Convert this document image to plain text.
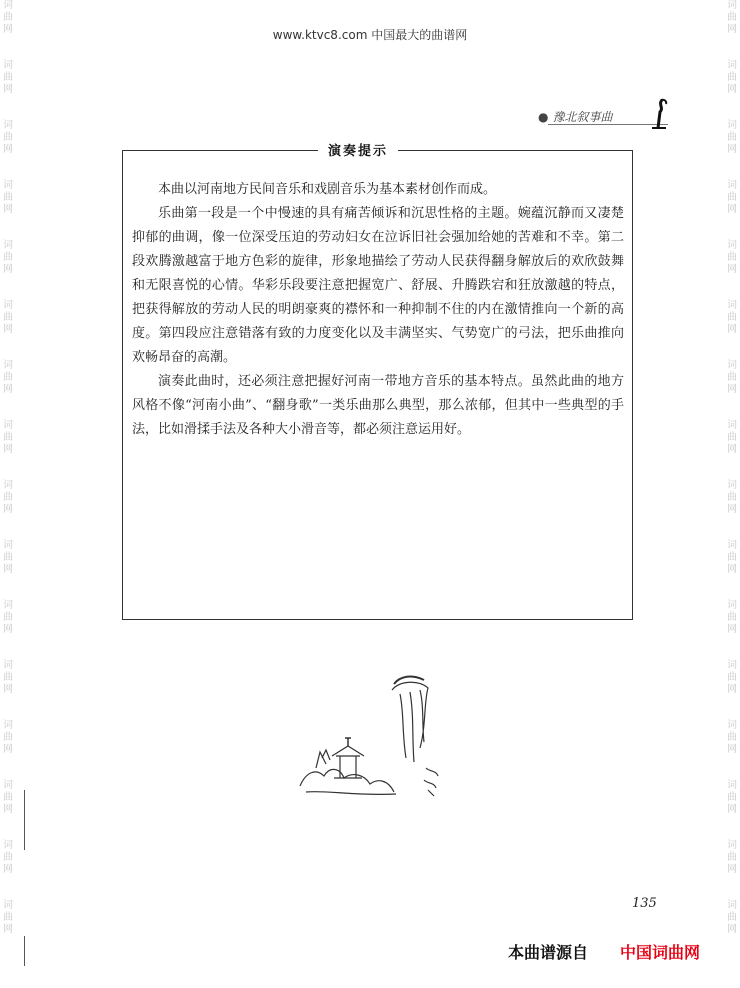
词
曲
网
词
曲
网
词
曲
网
词
曲
网
词
曲
网
词
曲
网
词
曲
网
词
曲
网
词
曲
网
词
曲
网
词
曲
网
词
曲
网
词
曲
网
词
曲
网
词
曲
网
词
曲
网
词
曲
网
词
曲
网
词
曲
网
词
曲
网
词
曲
网
词
曲
网
词
曲
网
词
曲
网
词
曲
网
词
曲
网
词
曲
网
词
曲
网
词
曲
网
词
曲
网
词
曲
网
词
曲
网
www.ktvc8.com 中国最大的曲谱网
● 豫北叙事曲
演奏提示

本曲以河南地方民间音乐和戏剧音乐为基本素材创作而成。

乐曲第一段是一个中慢速的具有痛苦倾诉和沉思性格的主题。婉蕴沉静而又凄楚抑郁的曲调，像一位深受压迫的劳动妇女在泣诉旧社会强加给她的苦难和不幸。第二段欢腾激越富于地方色彩的旋律，形象地描绘了劳动人民获得翻身解放后的欢欣鼓舞和无限喜悦的心情。华彩乐段要注意把握宽广、舒展、升腾跌宕和狂放激越的特点，把获得解放的劳动人民的明朗豪爽的襟怀和一种抑制不住的内在激情推向一个新的高度。第四段应注意错落有致的力度变化以及丰满坚实、气势宽广的弓法，把乐曲推向欢畅昂奋的高潮。

演奏此曲时，还必须注意把握好河南一带地方音乐的基本特点。虽然此曲的地方风格不像“河南小曲”、“翻身歌”一类乐曲那么典型，那么浓郁，但其中一些典型的手法，比如滑揉手法及各种大小滑音等，都必须注意运用好。

135
本曲谱源自 中国词曲网
